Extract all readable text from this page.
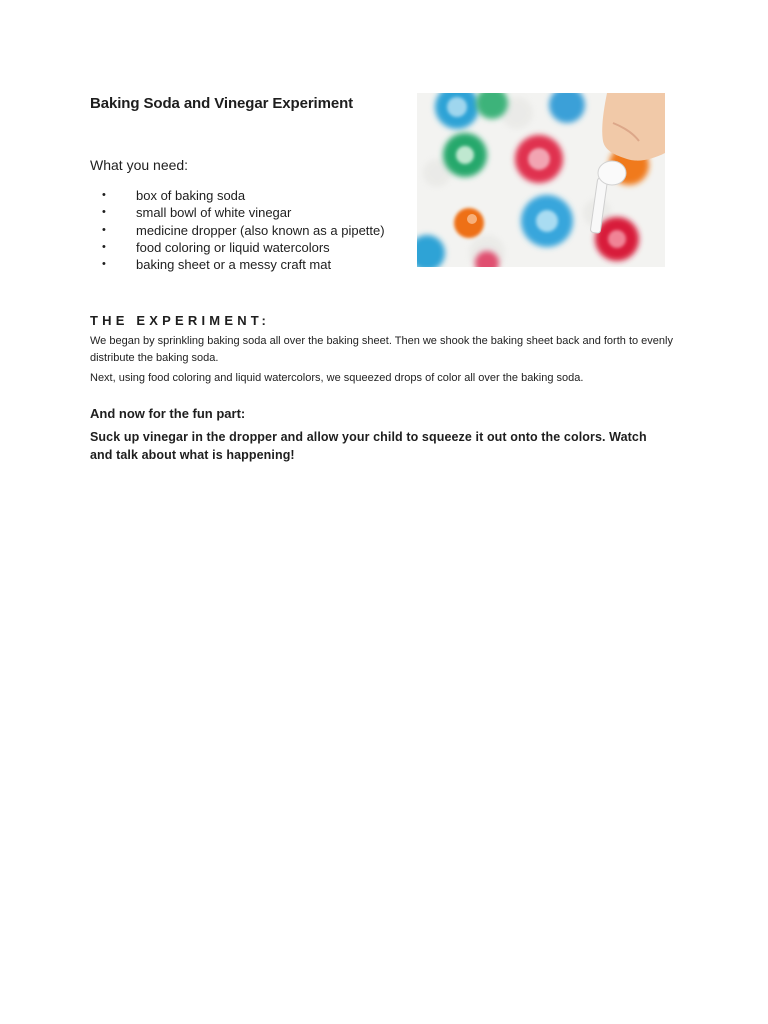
Baking Soda and Vinegar Experiment
What you need:
• box of baking soda
• small bowl of white vinegar
• medicine dropper (also known as a pipette)
• food coloring or liquid watercolors
• baking sheet or a messy craft mat
THE EXPERIMENT:
We began by sprinkling baking soda all over the baking sheet. Then we shook the baking sheet back and forth to evenly distribute the baking soda.
Next, using food coloring and liquid watercolors, we squeezed drops of color all over the baking soda.
And now for the fun part:
Suck up vinegar in the dropper and allow your child to squeeze it out onto the colors. Watch and talk about what is happening!
